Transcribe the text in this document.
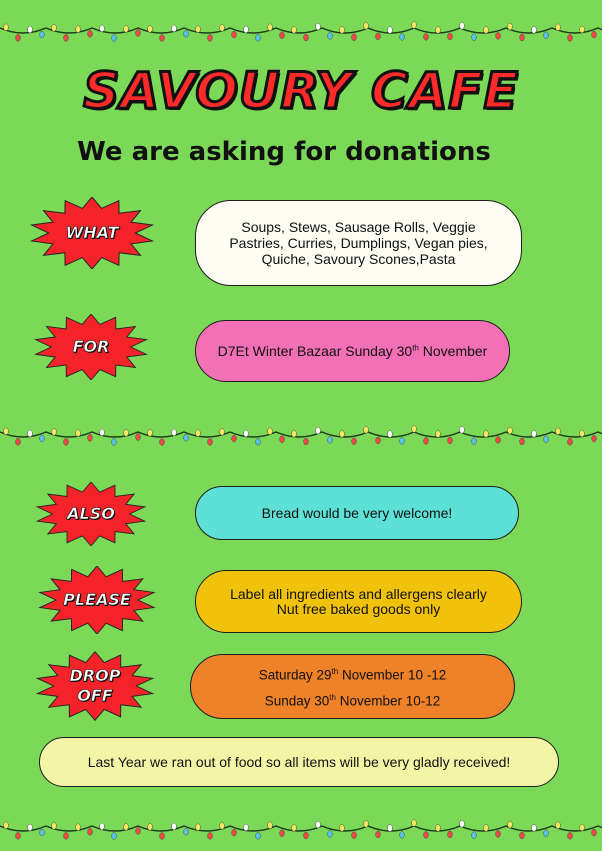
SAVOURY CAFE
We are asking for donations
WHAT	Soups, Stews, Sausage Rolls, Veggie
Pastries, Curries, Dumplings, Vegan pies,
Quiche, Savoury Scones,Pasta
FOR	D7Et Winter Bazaar Sunday 30th November
ALSO	Bread would be very welcome!
PLEASE	Label all ingredients and allergens clearly
Nut free baked goods only
DROP
OFF
Saturday 29th November 10 -12
Sunday 30th November 10-12
Last Year we ran out of food so all items will be very gladly received!
